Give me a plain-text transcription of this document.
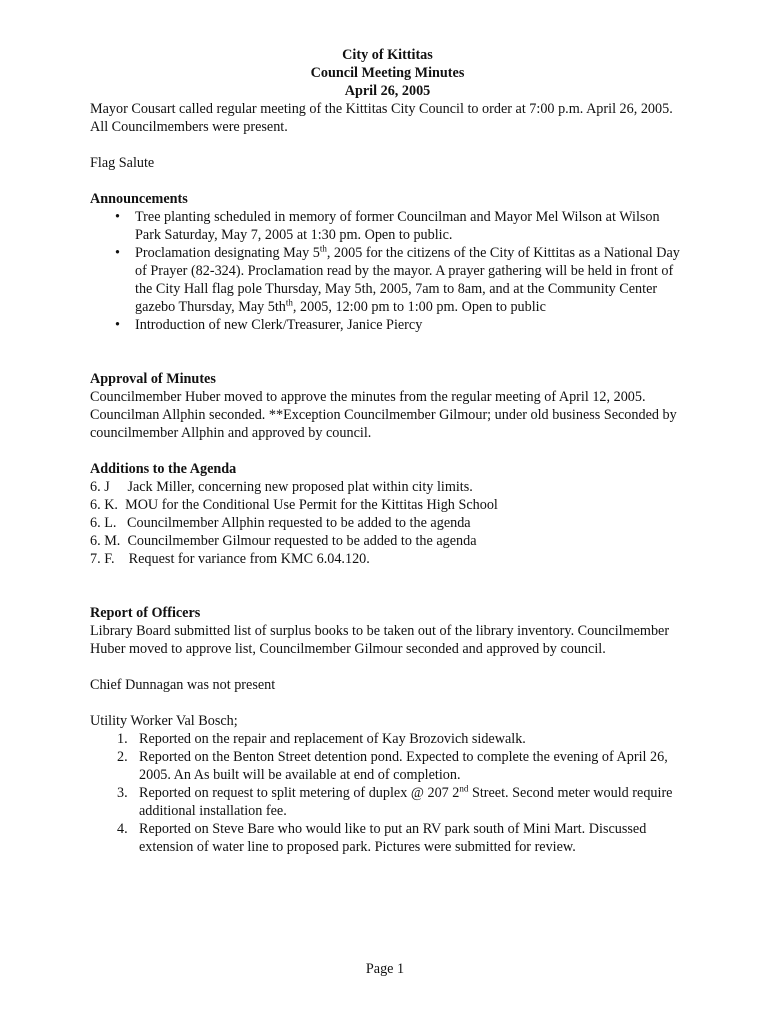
City of Kittitas
Council Meeting Minutes
April 26, 2005

Mayor Cousart called regular meeting of the Kittitas City Council to order at 7:00 p.m. April 26, 2005. All Councilmembers were present.

Flag Salute

Announcements

• Tree planting scheduled in memory of former Councilman and Mayor Mel Wilson at Wilson Park Saturday, May 7, 2005 at 1:30 pm. Open to public.
• Proclamation designating May 5th, 2005 for the citizens of the City of Kittitas as a National Day of Prayer (82-324). Proclamation read by the mayor. A prayer gathering will be held in front of the City Hall flag pole Thursday, May 5th, 2005, 7am to 8am, and at the Community Center gazebo Thursday, May $5th^{th}$, 2005, 12:00 pm to 1:00 pm. Open to public
• Introduction of new Clerk/Treasurer, Janice Piercy

Approval of Minutes

Councilmember Huber moved to approve the minutes from the regular meeting of April 12, 2005. Councilman Allphin seconded. **Exception Councilmember Gilmour; under old business Seconded by councilmember Allphin and approved by council.

Additions to the Agenda

6. J     Jack Miller, concerning new proposed plat within city limits.
6. K.  MOU for the Conditional Use Permit for the Kittitas High School
6. L.   Councilmember Allphin requested to be added to the agenda
6. M.  Councilmember Gilmour requested to be added to the agenda
7. F.    Request for variance from KMC 6.04.120.

Report of Officers

Library Board submitted list of surplus books to be taken out of the library inventory. Councilmember Huber moved to approve list, Councilmember Gilmour seconded and approved by council.

Chief Dunnagan was not present

Utility Worker Val Bosch;

1. Reported on the repair and replacement of Kay Brozovich sidewalk.
2. Reported on the Benton Street detention pond. Expected to complete the evening of April 26, 2005. An As built will be available at end of completion.
3. Reported on request to split metering of duplex @ 207 2nd Street. Second meter would require additional installation fee.
4. Reported on Steve Bare who would like to put an RV park south of Mini Mart. Discussed extension of water line to proposed park. Pictures were submitted for review.
Page 1
